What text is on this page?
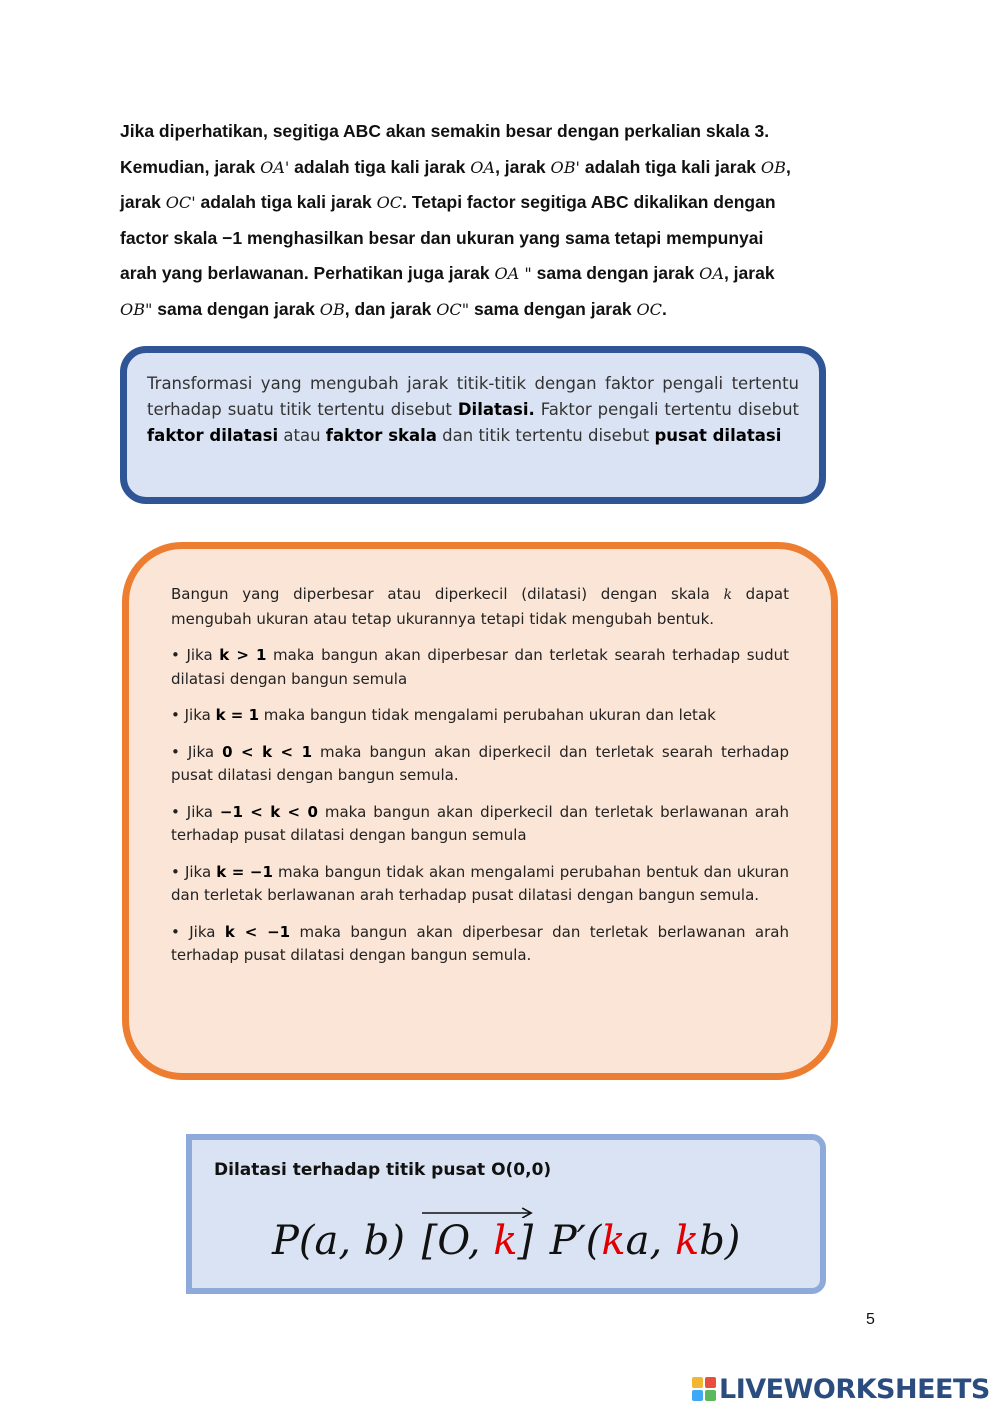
Jika diperhatikan, segitiga ABC akan semakin besar dengan perkalian skala 3.

Kemudian, jarak OA' adalah tiga kali jarak OA, jarak OB' adalah tiga kali jarak OB,

jarak OC' adalah tiga kali jarak OC. Tetapi factor segitiga ABC dikalikan dengan

factor skala −1 menghasilkan besar dan ukuran yang sama tetapi mempunyai

arah yang berlawanan. Perhatikan juga jarak OA " sama dengan jarak OA, jarak

OB" sama dengan jarak OB, dan jarak OC" sama dengan jarak OC.

Transformasi yang mengubah jarak titik-titik dengan faktor pengali tertentu terhadap suatu titik tertentu disebut Dilatasi. Faktor pengali tertentu disebut faktor dilatasi atau faktor skala dan titik tertentu disebut pusat dilatasi

Bangun yang diperbesar atau diperkecil (dilatasi) dengan skala k dapat mengubah ukuran atau tetap ukurannya tetapi tidak mengubah bentuk.

• Jika k > 1 maka bangun akan diperbesar dan terletak searah terhadap sudut dilatasi dengan bangun semula

• Jika k = 1 maka bangun tidak mengalami perubahan ukuran dan letak

• Jika 0 < k < 1 maka bangun akan diperkecil dan terletak searah terhadap pusat dilatasi dengan bangun semula.

• Jika −1 < k < 0 maka bangun akan diperkecil dan terletak berlawanan arah terhadap pusat dilatasi dengan bangun semula

• Jika k = −1 maka bangun tidak akan mengalami perubahan bentuk dan ukuran dan terletak berlawanan arah terhadap pusat dilatasi dengan bangun semula.

• Jika k < −1 maka bangun akan diperbesar dan terletak berlawanan arah terhadap pusat dilatasi dengan bangun semula.

Dilatasi terhadap titik pusat O(0,0)
P(a, b) [O, k] P′(ka, kb)
5
LIVEWORKSHEETS
